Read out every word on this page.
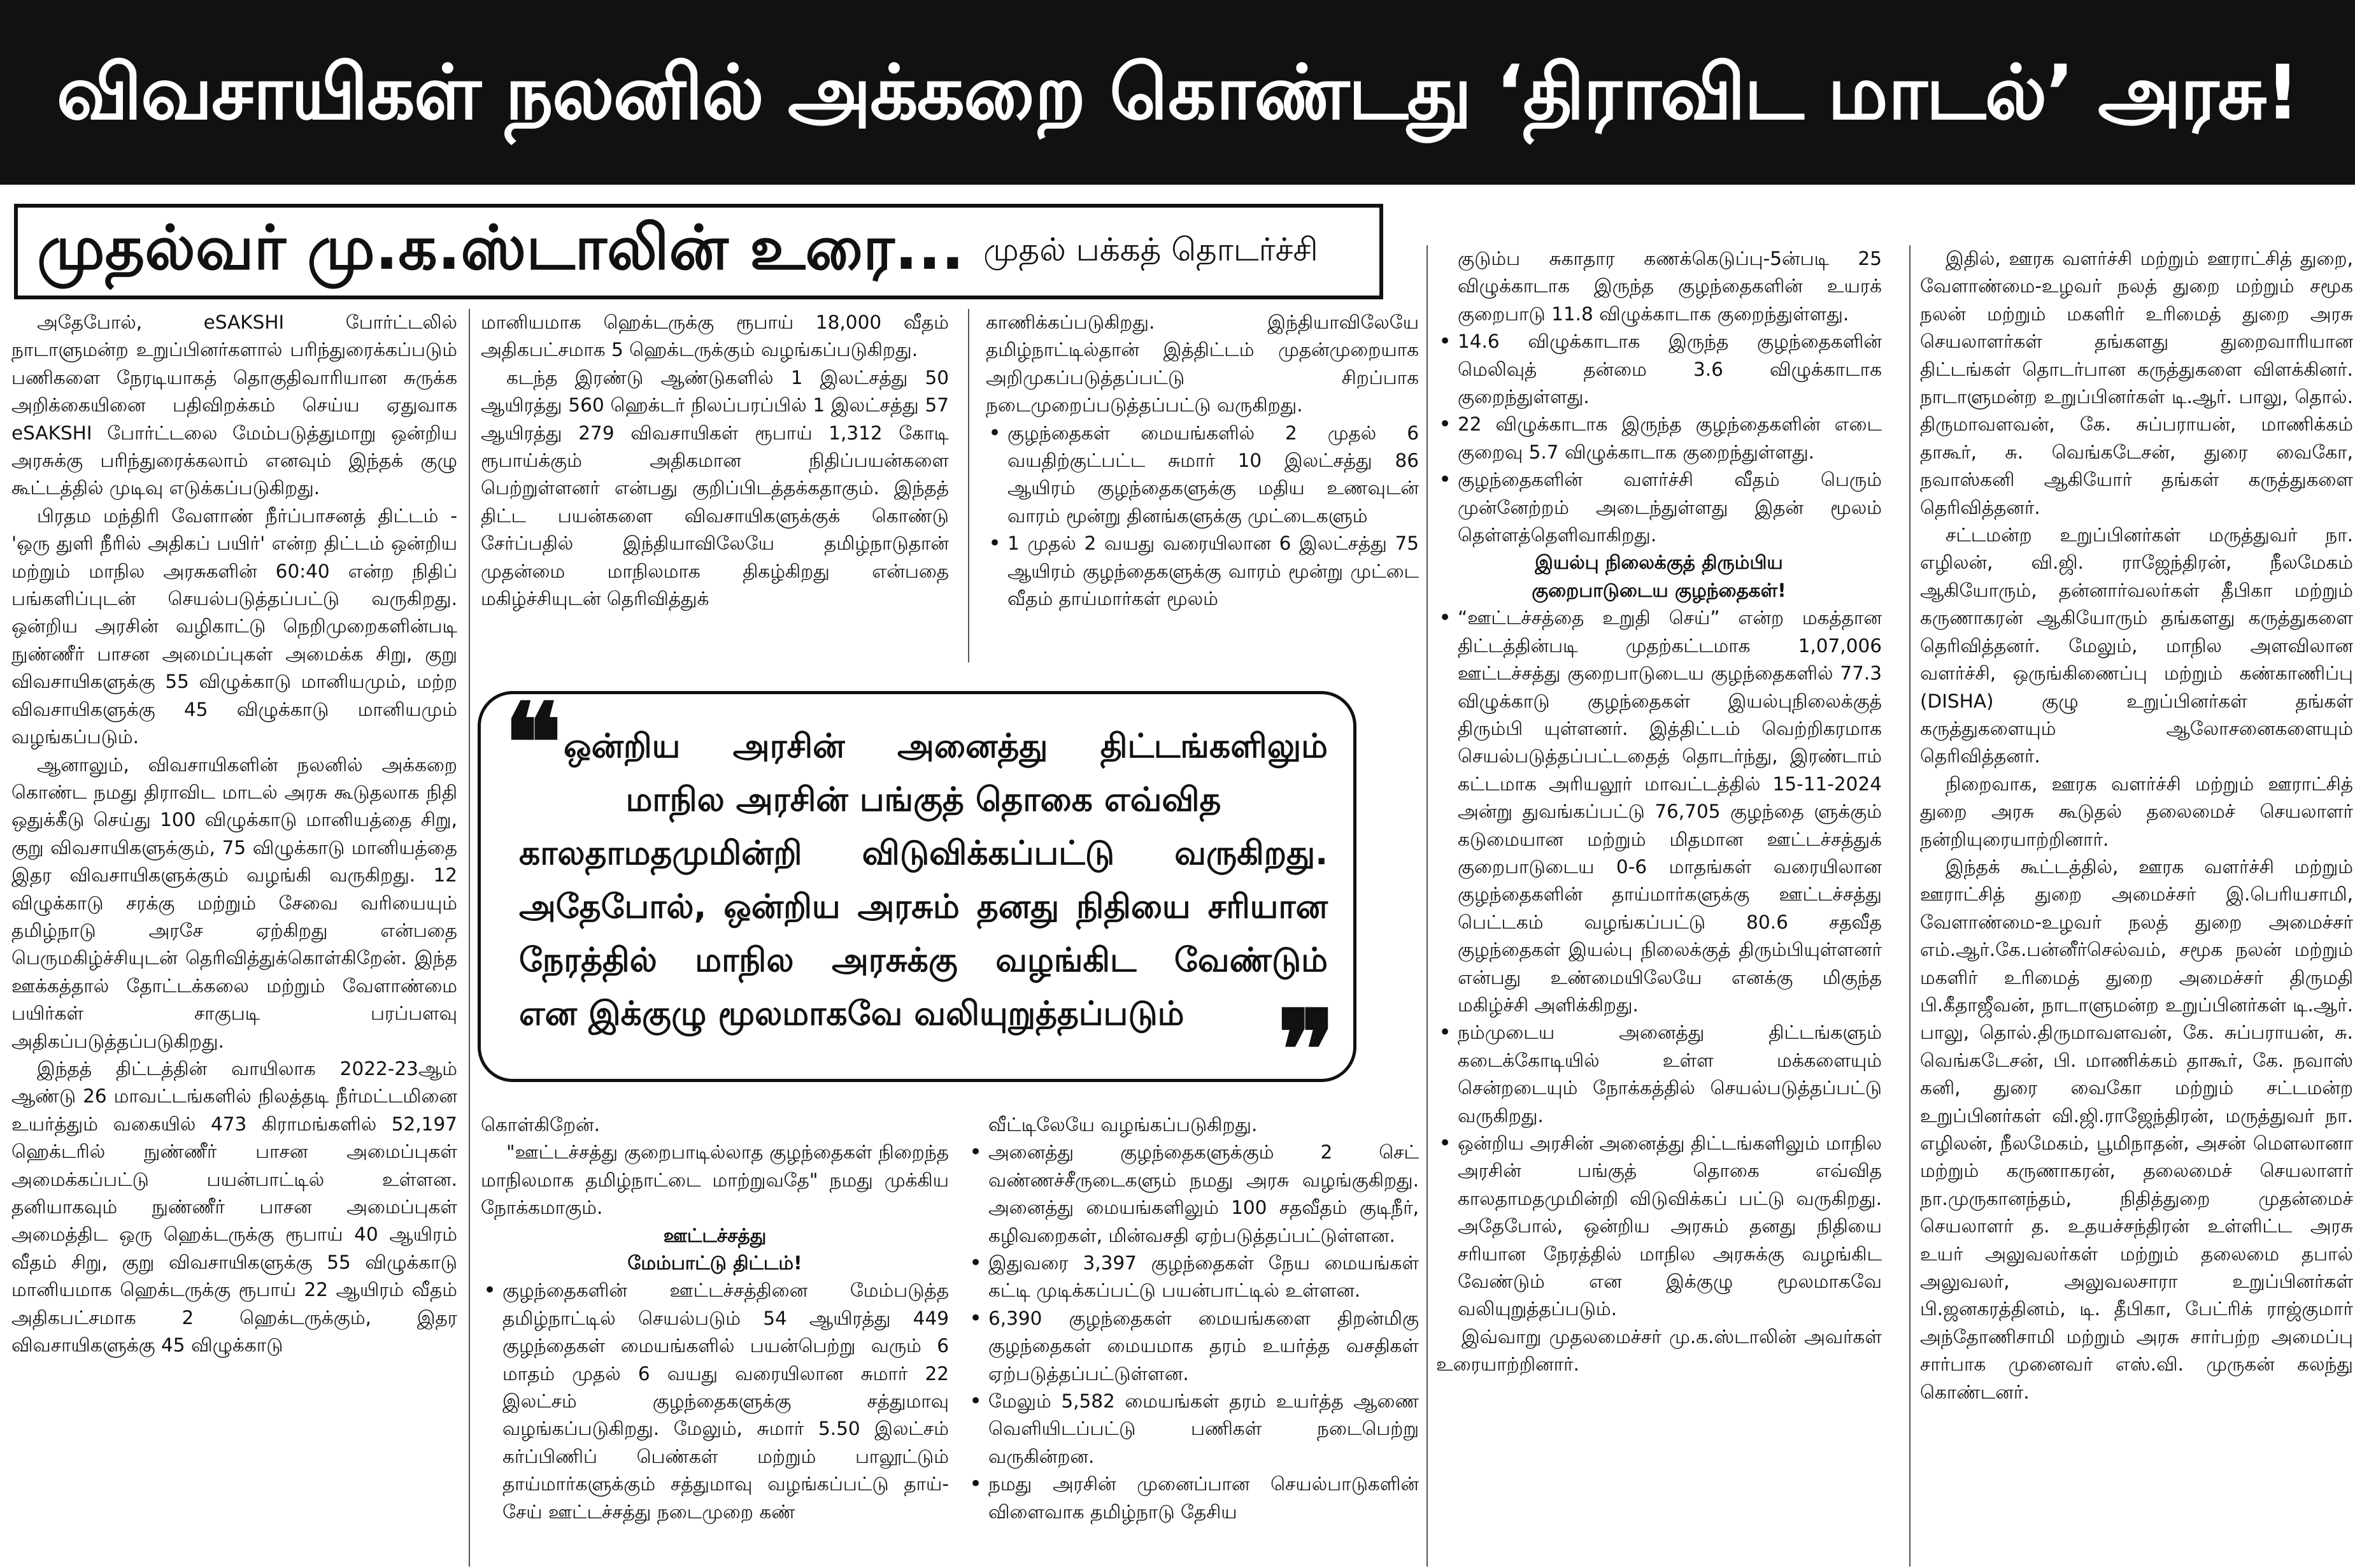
விவசாயிகள் நலனில் அக்கறை கொண்டது ‘திராவிட மாடல்’ அரசு!
முதல்வர் மு.க.ஸ்டாலின் உரை... முதல் பக்கத் தொடர்ச்சி

அதேபோல், eSAKSHI போர்ட்டலில் நாடாளுமன்ற உறுப்பினர்களால் பரிந்துரைக்கப்படும் பணிகளை நேரடியாகத் தொகுதிவாரியான சுருக்க அறிக்கையினை பதிவிறக்கம் செய்ய ஏதுவாக eSAKSHI போர்ட்டலை மேம்படுத்துமாறு ஒன்றிய அரசுக்கு பரிந்துரைக்கலாம் எனவும் இந்தக் குழு கூட்டத்தில் முடிவு எடுக்கப்படுகிறது.

பிரதம மந்திரி வேளாண் நீர்ப்பாசனத் திட்டம் - 'ஒரு துளி நீரில் அதிகப் பயிர்' என்ற திட்டம் ஒன்றிய மற்றும் மாநில அரசுகளின் 60:40 என்ற நிதிப் பங்களிப்புடன் செயல்படுத்தப்பட்டு வருகிறது. ஒன்றிய அரசின் வழிகாட்டு நெறிமுறைகளின்படி நுண்ணீர் பாசன அமைப்புகள் அமைக்க சிறு, குறு விவசாயிகளுக்கு 55 விழுக்காடு மானியமும், மற்ற விவசாயிகளுக்கு 45 விழுக்காடு மானியமும் வழங்கப்படும்.

ஆனாலும், விவசாயிகளின் நலனில் அக்கறை கொண்ட நமது திராவிட மாடல் அரசு கூடுதலாக நிதி ஒதுக்கீடு செய்து 100 விழுக்காடு மானியத்தை சிறு, குறு விவசாயிகளுக்கும், 75 விழுக்காடு மானியத்தை இதர விவசாயிகளுக்கும் வழங்கி வருகிறது. 12 விழுக்காடு சரக்கு மற்றும் சேவை வரியையும் தமிழ்நாடு அரசே ஏற்கிறது என்பதை பெருமகிழ்ச்சியுடன் தெரிவித்துக்கொள்கிறேன். இந்த ஊக்கத்தால் தோட்டக்கலை மற்றும் வேளாண்மை பயிர்கள் சாகுபடி பரப்பளவு அதிகப்படுத்தப்படுகிறது.

இந்தத் திட்டத்தின் வாயிலாக 2022-23ஆம் ஆண்டு 26 மாவட்டங்களில் நிலத்தடி நீர்மட்டமினை உயர்த்தும் வகையில் 473 கிராமங்களில் 52,197 ஹெக்டரில் நுண்ணீர் பாசன அமைப்புகள் அமைக்கப்பட்டு பயன்பாட்டில் உள்ளன. தனியாகவும் நுண்ணீர் பாசன அமைப்புகள் அமைத்திட ஒரு ஹெக்டருக்கு ரூபாய் 40 ஆயிரம் வீதம் சிறு, குறு விவசாயிகளுக்கு 55 விழுக்காடு மானியமாக ஹெக்டருக்கு ரூபாய் 22 ஆயிரம் வீதம் அதிகபட்சமாக 2 ஹெக்டருக்கும், இதர விவசாயிகளுக்கு 45 விழுக்காடு

மானியமாக ஹெக்டருக்கு ரூபாய் 18,000 வீதம் அதிகபட்சமாக 5 ஹெக்டருக்கும் வழங்கப்படுகிறது.

கடந்த இரண்டு ஆண்டுகளில் 1 இலட்சத்து 50 ஆயிரத்து 560 ஹெக்டர் நிலப்பரப்பில் 1 இலட்சத்து 57 ஆயிரத்து 279 விவசாயிகள் ரூபாய் 1,312 கோடி ரூபாய்க்கும் அதிகமான நிதிப்பயன்களை பெற்றுள்ளனர் என்பது குறிப்பிடத்தக்கதாகும். இந்தத் திட்ட பயன்களை விவசாயிகளுக்குக் கொண்டு சேர்ப்பதில் இந்தியாவிலேயே தமிழ்நாடுதான் முதன்மை மாநிலமாக திகழ்கிறது என்பதை மகிழ்ச்சியுடன் தெரிவித்துக்

காணிக்கப்படுகிறது. இந்தியாவிலேயே தமிழ்நாட்டில்தான் இத்திட்டம் முதன்முறையாக அறிமுகப்படுத்தப்பட்டு சிறப்பாக நடைமுறைப்படுத்தப்பட்டு வருகிறது.

• குழந்தைகள் மையங்களில் 2 முதல் 6 வயதிற்குட்பட்ட சுமார் 10 இலட்சத்து 86 ஆயிரம் குழந்தைகளுக்கு மதிய உணவுடன் வாரம் மூன்று தினங்களுக்கு முட்டைகளும்
• 1 முதல் 2 வயது வரையிலான 6 இலட்சத்து 75 ஆயிரம் குழந்தைகளுக்கு வாரம் மூன்று முட்டை வீதம் தாய்மார்கள் மூலம்
❝ ஒன்றிய அரசின் அனைத்து திட்டங்களிலும்
மாநில அரசின் பங்குத் தொகை எவ்வித
காலதாமதமுமின்றி விடுவிக்கப்பட்டு வருகிறது.
அதேபோல், ஒன்றிய அரசும் தனது நிதியை சரியான
நேரத்தில் மாநில அரசுக்கு வழங்கிட வேண்டும்
என இக்குழு மூலமாகவே வலியுறுத்தப்படும் ❞

கொள்கிறேன்.

"ஊட்டச்சத்து குறைபாடில்லாத குழந்தைகள் நிறைந்த மாநிலமாக தமிழ்நாட்டை மாற்றுவதே" நமது முக்கிய நோக்கமாகும்.

ஊட்டச்சத்து

மேம்பாட்டு திட்டம்!

• குழந்தைகளின் ஊட்டச்சத்தினை மேம்படுத்த தமிழ்நாட்டில் செயல்படும் 54 ஆயிரத்து 449 குழந்தைகள் மையங்களில் பயன்பெற்று வரும் 6 மாதம் முதல் 6 வயது வரையிலான சுமார் 22 இலட்சம் குழந்தைகளுக்கு சத்துமாவு வழங்கப்படுகிறது. மேலும், சுமார் 5.50 இலட்சம் கர்ப்பிணிப் பெண்கள் மற்றும் பாலூட்டும் தாய்மார்களுக்கும் சத்துமாவு வழங்கப்பட்டு தாய்-சேய் ஊட்டச்சத்து நடைமுறை கண்

வீட்டிலேயே வழங்கப்படுகிறது.

• அனைத்து குழந்தைகளுக்கும் 2 செட் வண்ணச்சீருடைகளும் நமது அரசு வழங்குகிறது. அனைத்து மையங்களிலும் 100 சதவீதம் குடிநீர், கழிவறைகள், மின்வசதி ஏற்படுத்தப்பட்டுள்ளன.
• இதுவரை 3,397 குழந்தைகள் நேய மையங்கள் கட்டி முடிக்கப்பட்டு பயன்பாட்டில் உள்ளன.
• 6,390 குழந்தைகள் மையங்களை திறன்மிகு குழந்தைகள் மையமாக தரம் உயர்த்த வசதிகள் ஏற்படுத்தப்பட்டுள்ளன.
• மேலும் 5,582 மையங்கள் தரம் உயர்த்த ஆணை வெளியிடப்பட்டு பணிகள் நடைபெற்று வருகின்றன.
• நமது அரசின் முனைப்பான செயல்பாடுகளின் விளைவாக தமிழ்நாடு தேசிய

குடும்ப சுகாதார கணக்கெடுப்பு-5ன்படி 25 விழுக்காடாக இருந்த குழந்தைகளின் உயரக் குறைபாடு 11.8 விழுக்காடாக குறைந்துள்ளது.

• 14.6 விழுக்காடாக இருந்த குழந்தைகளின் மெலிவுத் தன்மை 3.6 விழுக்காடாக குறைந்துள்ளது.
• 22 விழுக்காடாக இருந்த குழந்தைகளின் எடை குறைவு 5.7 விழுக்காடாக குறைந்துள்ளது.
• குழந்தைகளின் வளர்ச்சி வீதம் பெரும் முன்னேற்றம் அடைந்துள்ளது இதன் மூலம் தெள்ளத்தெளிவாகிறது.

இயல்பு நிலைக்குத் திரும்பிய

குறைபாடுடைய குழந்தைகள்!

• “ஊட்டச்சத்தை உறுதி செய்” என்ற மகத்தான திட்டத்தின்படி முதற்கட்டமாக 1,07,006 ஊட்டச்சத்து குறைபாடுடைய குழந்தைகளில் 77.3 விழுக்காடு குழந்தைகள் இயல்புநிலைக்குத் திரும்பி யுள்ளனர். இத்திட்டம் வெற்றிகரமாக செயல்படுத்தப்பட்டதைத் தொடர்ந்து, இரண்டாம் கட்டமாக அரியலூர் மாவட்டத்தில் 15-11-2024 அன்று துவங்கப்பட்டு 76,705 குழந்தை ளுக்கும் கடுமையான மற்றும் மிதமான ஊட்டச்சத்துக் குறைபாடுடைய 0-6 மாதங்கள் வரையிலான குழந்தைகளின் தாய்மார்களுக்கு ஊட்டச்சத்து பெட்டகம் வழங்கப்பட்டு 80.6 சதவீத குழந்தைகள் இயல்பு நிலைக்குத் திரும்பியுள்ளனர் என்பது உண்மையிலேயே எனக்கு மிகுந்த மகிழ்ச்சி அளிக்கிறது.
• நம்முடைய அனைத்து திட்டங்களும் கடைக்கோடியில் உள்ள மக்களையும் சென்றடையும் நோக்கத்தில் செயல்படுத்தப்பட்டு வருகிறது.
• ஒன்றிய அரசின் அனைத்து திட்டங்களிலும் மாநில அரசின் பங்குத் தொகை எவ்வித காலதாமதமுமின்றி விடுவிக்கப் பட்டு வருகிறது. அதேபோல், ஒன்றிய அரசும் தனது நிதியை சரியான நேரத்தில் மாநில அரசுக்கு வழங்கிட வேண்டும் என இக்குழு மூலமாகவே வலியுறுத்தப்படும்.

இவ்வாறு முதலமைச்சர் மு.க.ஸ்டாலின் அவர்கள் உரையாற்றினார்.

இதில், ஊரக வளர்ச்சி மற்றும் ஊராட்சித் துறை, வேளாண்மை-உழவர் நலத் துறை மற்றும் சமூக நலன் மற்றும் மகளிர் உரிமைத் துறை அரசு செயலாளர்கள் தங்களது துறைவாரியான திட்டங்கள் தொடர்பான கருத்துகளை விளக்கினர். நாடாளுமன்ற உறுப்பினர்கள் டி.ஆர். பாலு, தொல். திருமாவளவன், கே. சுப்பராயன், மாணிக்கம் தாகூர், சு. வெங்கடேசன், துரை வைகோ, நவாஸ்கனி ஆகியோர் தங்கள் கருத்துகளை தெரிவித்தனர்.

சட்டமன்ற உறுப்பினர்கள் மருத்துவர் நா. எழிலன், வி.ஜி. ராஜேந்திரன், நீலமேகம் ஆகியோரும், தன்னார்வலர்கள் தீபிகா மற்றும் கருணாகரன் ஆகியோரும் தங்களது கருத்துகளை தெரிவித்தனர். மேலும், மாநில அளவிலான வளர்ச்சி, ஒருங்கிணைப்பு மற்றும் கண்காணிப்பு (DISHA) குழு உறுப்பினர்கள் தங்கள் கருத்துகளையும் ஆலோசனைகளையும் தெரிவித்தனர்.

நிறைவாக, ஊரக வளர்ச்சி மற்றும் ஊராட்சித் துறை அரசு கூடுதல் தலைமைச் செயலாளர் நன்றியுரையாற்றினார்.

இந்தக் கூட்டத்தில், ஊரக வளர்ச்சி மற்றும் ஊராட்சித் துறை அமைச்சர் இ.பெரியசாமி, வேளாண்மை-உழவர் நலத் துறை அமைச்சர் எம்.ஆர்.கே.பன்னீர்செல்வம், சமூக நலன் மற்றும் மகளிர் உரிமைத் துறை அமைச்சர் திருமதி பி.கீதாஜீவன், நாடாளுமன்ற உறுப்பினர்கள் டி.ஆர். பாலு, தொல்.திருமாவளவன், கே. சுப்பராயன், சு. வெங்கடேசன், பி. மாணிக்கம் தாகூர், கே. நவாஸ் கனி, துரை வைகோ மற்றும் சட்டமன்ற உறுப்பினர்கள் வி.ஜி.ராஜேந்திரன், மருத்துவர் நா. எழிலன், நீலமேகம், பூமிநாதன், அசன் மௌலானா மற்றும் கருணாகரன், தலைமைச் செயலாளர் நா.முருகானந்தம், நிதித்துறை முதன்மைச் செயலாளர் த. உதயச்சந்திரன் உள்ளிட்ட அரசு உயர் அலுவலர்கள் மற்றும் தலைமை தபால் அலுவலர், அலுவலசாரா உறுப்பினர்கள் பி.ஜனகரத்தினம், டி. தீபிகா, பேட்ரிக் ராஜ்குமார் அந்தோணிசாமி மற்றும் அரசு சார்பற்ற அமைப்பு சார்பாக முனைவர் எஸ்.வி. முருகன் கலந்து கொண்டனர்.
